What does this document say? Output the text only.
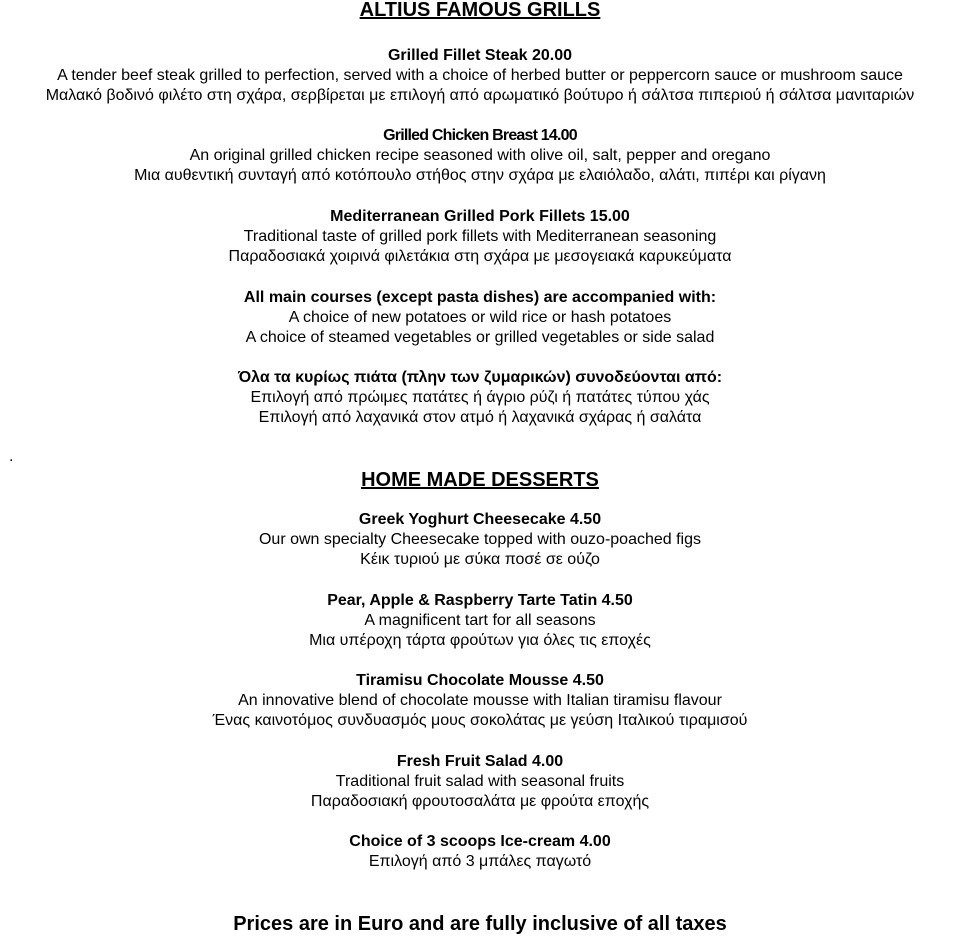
ALTIUS FAMOUS GRILLS
Grilled Fillet Steak 20.00
A tender beef steak grilled to perfection, served with a choice of herbed butter or peppercorn sauce or mushroom sauce
Μαλακό βοδινό φιλέτο στη σχάρα, σερβίρεται με επιλογή από αρωματικό βούτυρο ή σάλτσα πιπεριού ή σάλτσα μανιταριών
Grilled Chicken Breast 14.00
An original grilled chicken recipe seasoned with olive oil, salt, pepper and oregano
Μια αυθεντική συνταγή από κοτόπουλο στήθος στην σχάρα με ελαιόλαδο, αλάτι, πιπέρι και ρίγανη
Mediterranean Grilled Pork Fillets 15.00
Traditional taste of grilled pork fillets with Mediterranean seasoning
Παραδοσιακά χοιρινά φιλετάκια στη σχάρα με μεσογειακά καρυκεύματα
All main courses (except pasta dishes) are accompanied with:
A choice of new potatoes or wild rice or hash potatoes
A choice of steamed vegetables or grilled vegetables or side salad
Όλα τα κυρίως πιάτα (πλην των ζυμαρικών) συνοδεύονται από:
Επιλογή από πρώιμες πατάτες ή άγριο ρύζι ή πατάτες τύπου χάς
Επιλογή από λαχανικά στον ατμό ή λαχανικά σχάρας ή σαλάτα
.
HOME MADE DESSERTS
Greek Yoghurt Cheesecake 4.50
Our own specialty Cheesecake topped with ouzo-poached figs
Κέικ τυριού με σύκα ποσέ σε ούζο
Pear, Apple & Raspberry Tarte Tatin 4.50
A magnificent tart for all seasons
Μια υπέροχη τάρτα φρούτων για όλες τις εποχές
Tiramisu Chocolate Mousse 4.50
An innovative blend of chocolate mousse with Italian tiramisu flavour
Ένας καινοτόμος συνδυασμός μους σοκολάτας με γεύση Ιταλικού τιραμισού
Fresh Fruit Salad 4.00
Traditional fruit salad with seasonal fruits
Παραδοσιακή φρουτοσαλάτα με φρούτα εποχής
Choice of 3 scoops Ice-cream 4.00
Επιλογή από 3 μπάλες παγωτό
Prices are in Euro and are fully inclusive of all taxes
